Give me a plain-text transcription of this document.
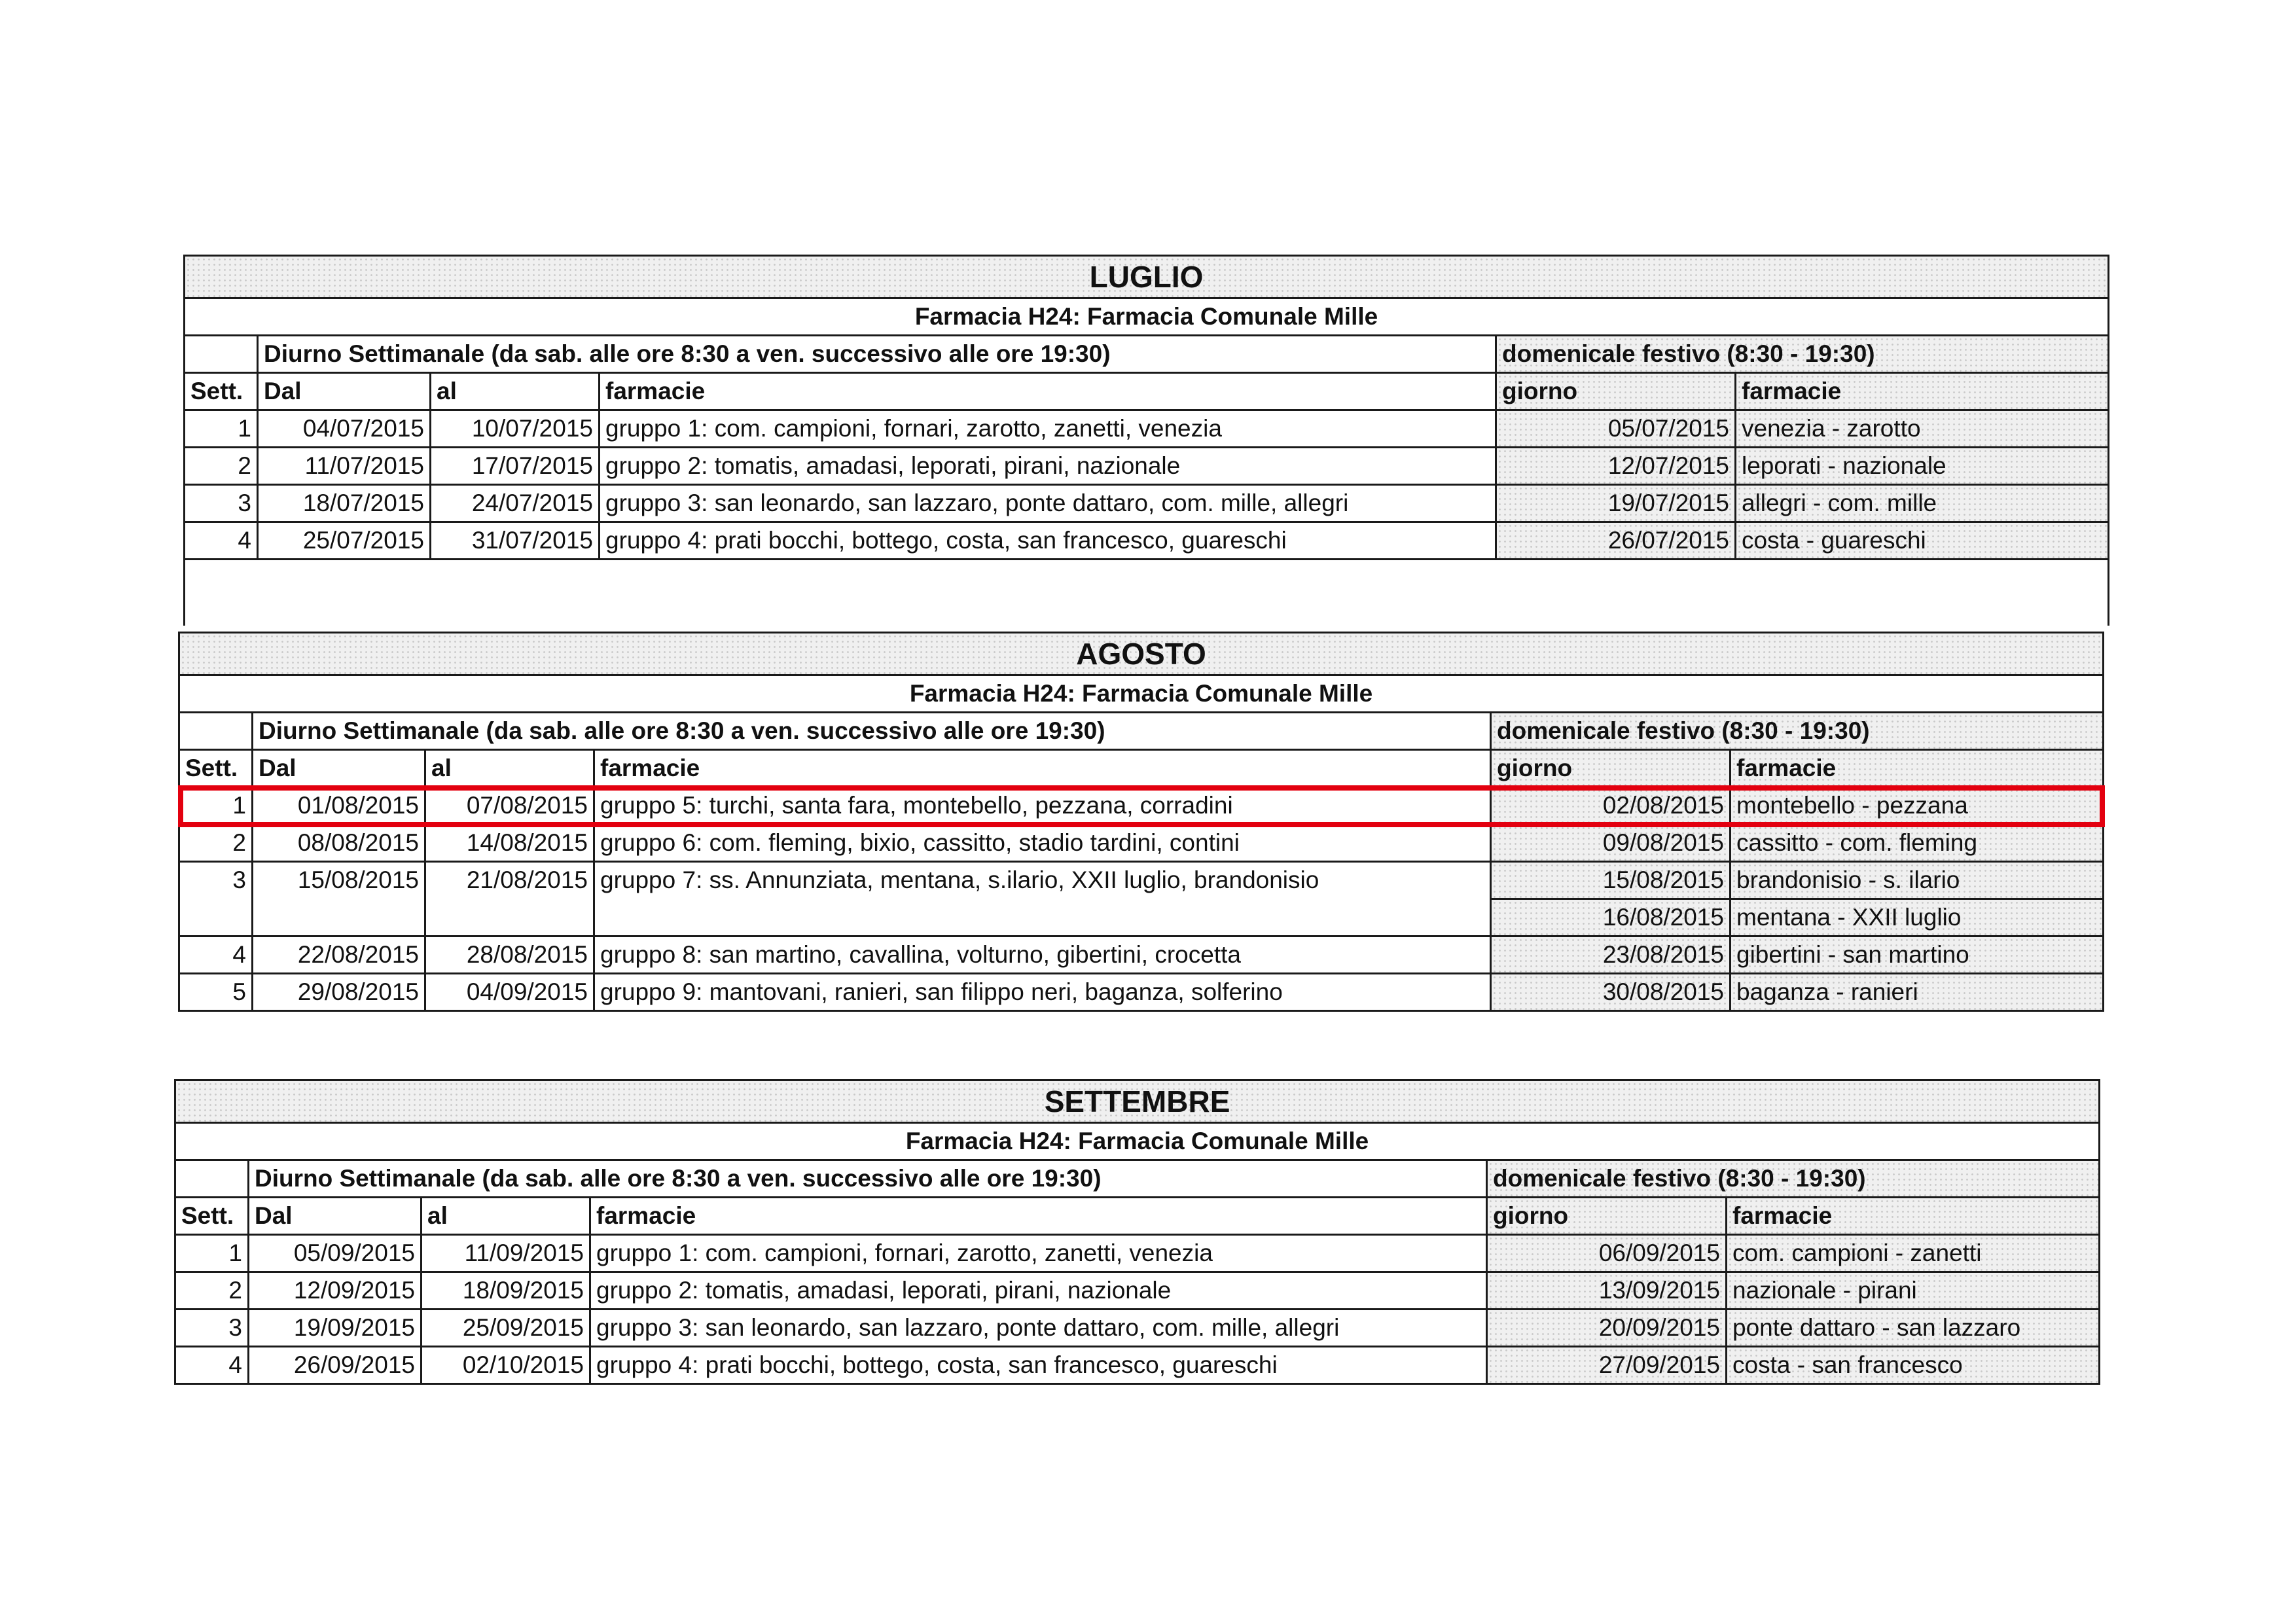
LUGLIO					
Farmacia H24: Farmacia Comunale Mille					
	Diurno Settimanale (da sab. alle ore 8:30 a ven. successivo alle ore 19:30)			domenicale festivo (8:30 - 19:30)	
Sett.	Dal	al	farmacie	giorno	farmacie
1	04/07/2015	10/07/2015	gruppo 1: com. campioni, fornari, zarotto, zanetti, venezia	05/07/2015	venezia - zarotto
2	11/07/2015	17/07/2015	gruppo 2: tomatis, amadasi, leporati, pirani, nazionale	12/07/2015	leporati - nazionale
3	18/07/2015	24/07/2015	gruppo 3: san leonardo, san lazzaro, ponte dattaro, com. mille, allegri	19/07/2015	allegri - com. mille
4	25/07/2015	31/07/2015	gruppo 4: prati bocchi, bottego, costa, san francesco, guareschi	26/07/2015	costa - guareschi

AGOSTO					
Farmacia H24: Farmacia Comunale Mille					
	Diurno Settimanale (da sab. alle ore 8:30 a ven. successivo alle ore 19:30)			domenicale festivo (8:30 - 19:30)	
Sett.	Dal	al	farmacie	giorno	farmacie
1	01/08/2015	07/08/2015	gruppo 5: turchi, santa fara, montebello, pezzana, corradini	02/08/2015	montebello - pezzana
2	08/08/2015	14/08/2015	gruppo 6: com. fleming, bixio, cassitto, stadio tardini, contini	09/08/2015	cassitto - com. fleming
3	15/08/2015	21/08/2015	gruppo 7: ss. Annunziata, mentana, s.ilario, XXII luglio, brandonisio	15/08/2015	brandonisio - s. ilario
				16/08/2015	mentana - XXII luglio
4	22/08/2015	28/08/2015	gruppo 8: san martino, cavallina, volturno, gibertini, crocetta	23/08/2015	gibertini - san martino
5	29/08/2015	04/09/2015	gruppo 9: mantovani, ranieri, san filippo neri, baganza, solferino	30/08/2015	baganza - ranieri
SETTEMBRE					
Farmacia H24: Farmacia Comunale Mille					
	Diurno Settimanale (da sab. alle ore 8:30 a ven. successivo alle ore 19:30)			domenicale festivo (8:30 - 19:30)	
Sett.	Dal	al	farmacie	giorno	farmacie
1	05/09/2015	11/09/2015	gruppo 1: com. campioni, fornari, zarotto, zanetti, venezia	06/09/2015	com. campioni - zanetti
2	12/09/2015	18/09/2015	gruppo 2: tomatis, amadasi, leporati, pirani, nazionale	13/09/2015	nazionale - pirani
3	19/09/2015	25/09/2015	gruppo 3: san leonardo, san lazzaro, ponte dattaro, com. mille, allegri	20/09/2015	ponte dattaro - san lazzaro
4	26/09/2015	02/10/2015	gruppo 4: prati bocchi, bottego, costa, san francesco, guareschi	27/09/2015	costa - san francesco
